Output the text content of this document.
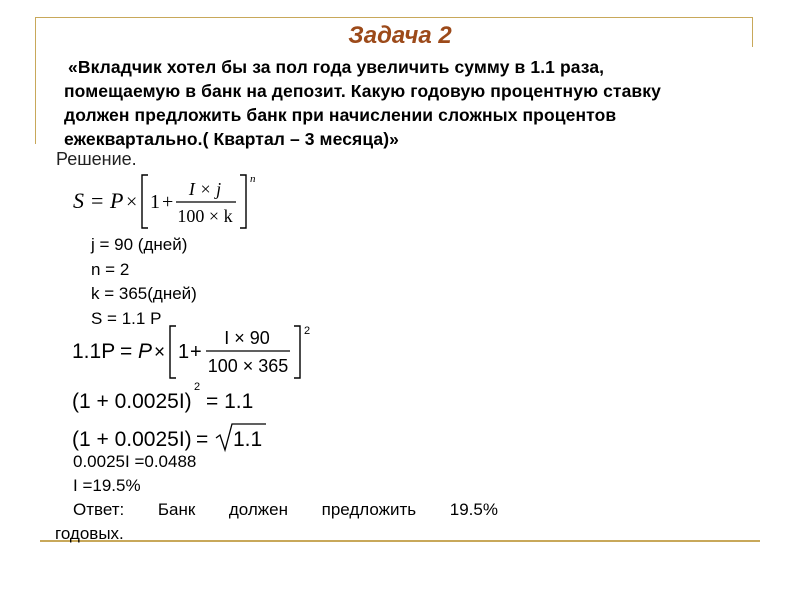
Задача 2
«Вкладчик хотел бы за пол года увеличить сумму в 1.1 раза,
помещаемую в банк на депозит. Какую годовую процентную ставку
должен предложить банк при начислении сложных процентов
ежеквартально.( Квартал – 3 месяца)»
Решение.
S = P × 1 +
I × j
100 × k
n
j = 90 (дней)
n = 2
k = 365(дней)
S = 1.1 P
1.1P = P × 1 +
I × 90
100 × 365
2
(1 + 0.0025I)
2
= 1.1
(1 + 0.0025I) = 1.1
0.0025I =0.0488
I =19.5%
Ответ: Банк должен предложить 19.5%
годовых.
